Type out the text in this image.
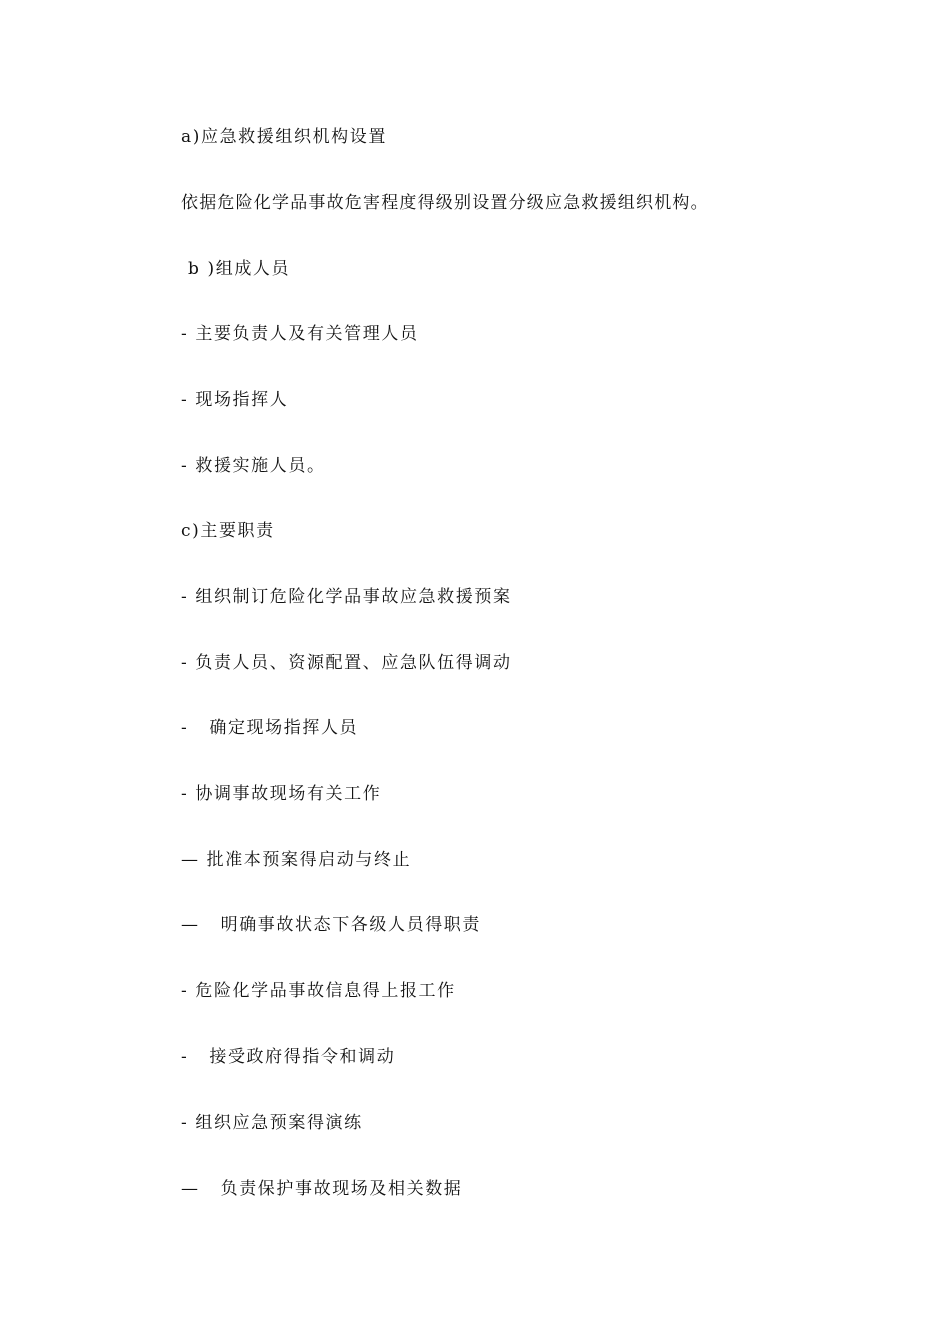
a)应急救援组织机构设置
依据危险化学品事故危害程度得级别设置分级应急救援组织机构。
b )组成人员
- 主要负责人及有关管理人员
- 现场指挥人
- 救援实施人员。
c)主要职责
- 组织制订危险化学品事故应急救援预案
- 负责人员、资源配置、应急队伍得调动
-   确定现场指挥人员
- 协调事故现场有关工作
— 批准本预案得启动与终止
—   明确事故状态下各级人员得职责
- 危险化学品事故信息得上报工作
-   接受政府得指令和调动
- 组织应急预案得演练
—   负责保护事故现场及相关数据
